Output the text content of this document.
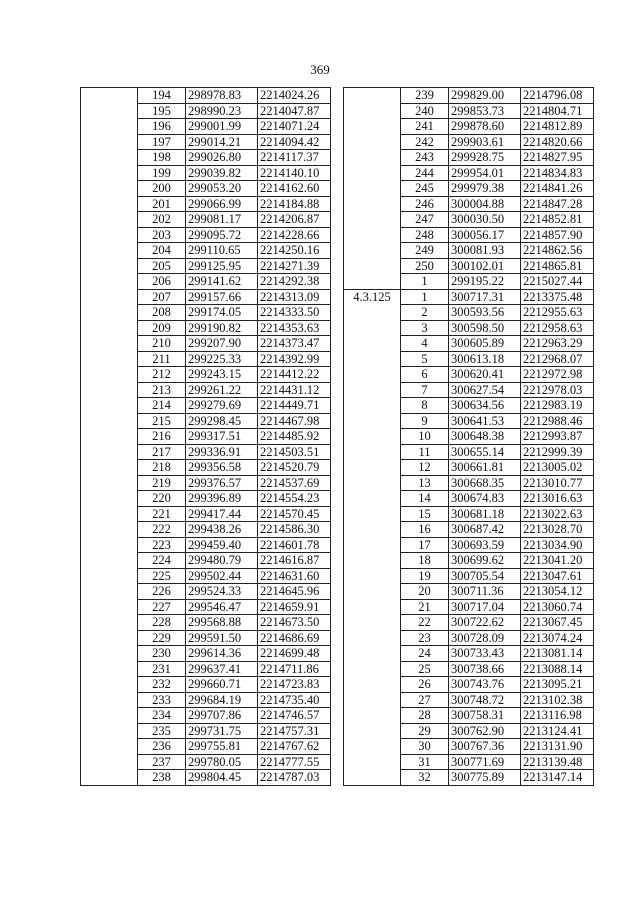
369
	194	298978.83	2214024.26
	195	298990.23	2214047.87
	196	299001.99	2214071.24
	197	299014.21	2214094.42
	198	299026.80	2214117.37
	199	299039.82	2214140.10
	200	299053.20	2214162.60
	201	299066.99	2214184.88
	202	299081.17	2214206.87
	203	299095.72	2214228.66
	204	299110.65	2214250.16
	205	299125.95	2214271.39
	206	299141.62	2214292.38
	207	299157.66	2214313.09
	208	299174.05	2214333.50
	209	299190.82	2214353.63
	210	299207.90	2214373.47
	211	299225.33	2214392.99
	212	299243.15	2214412.22
	213	299261.22	2214431.12
	214	299279.69	2214449.71
	215	299298.45	2214467.98
	216	299317.51	2214485.92
	217	299336.91	2214503.51
	218	299356.58	2214520.79
	219	299376.57	2214537.69
	220	299396.89	2214554.23
	221	299417.44	2214570.45
	222	299438.26	2214586.30
	223	299459.40	2214601.78
	224	299480.79	2214616.87
	225	299502.44	2214631.60
	226	299524.33	2214645.96
	227	299546.47	2214659.91
	228	299568.88	2214673.50
	229	299591.50	2214686.69
	230	299614.36	2214699.48
	231	299637.41	2214711.86
	232	299660.71	2214723.83
	233	299684.19	2214735.40
	234	299707.86	2214746.57
	235	299731.75	2214757.31
	236	299755.81	2214767.62
	237	299780.05	2214777.55
	238	299804.45	2214787.03
	239	299829.00	2214796.08
	240	299853.73	2214804.71
	241	299878.60	2214812.89
	242	299903.61	2214820.66
	243	299928.75	2214827.95
	244	299954.01	2214834.83
	245	299979.38	2214841.26
	246	300004.88	2214847.28
	247	300030.50	2214852.81
	248	300056.17	2214857.90
	249	300081.93	2214862.56
	250	300102.01	2214865.81
	1	299195.22	2215027.44
4.3.125	1	300717.31	2213375.48
	2	300593.56	2212955.63
	3	300598.50	2212958.63
	4	300605.89	2212963.29
	5	300613.18	2212968.07
	6	300620.41	2212972.98
	7	300627.54	2212978.03
	8	300634.56	2212983.19
	9	300641.53	2212988.46
	10	300648.38	2212993.87
	11	300655.14	2212999.39
	12	300661.81	2213005.02
	13	300668.35	2213010.77
	14	300674.83	2213016.63
	15	300681.18	2213022.63
	16	300687.42	2213028.70
	17	300693.59	2213034.90
	18	300699.62	2213041.20
	19	300705.54	2213047.61
	20	300711.36	2213054.12
	21	300717.04	2213060.74
	22	300722.62	2213067.45
	23	300728.09	2213074.24
	24	300733.43	2213081.14
	25	300738.66	2213088.14
	26	300743.76	2213095.21
	27	300748.72	2213102.38
	28	300758.31	2213116.98
	29	300762.90	2213124.41
	30	300767.36	2213131.90
	31	300771.69	2213139.48
	32	300775.89	2213147.14
